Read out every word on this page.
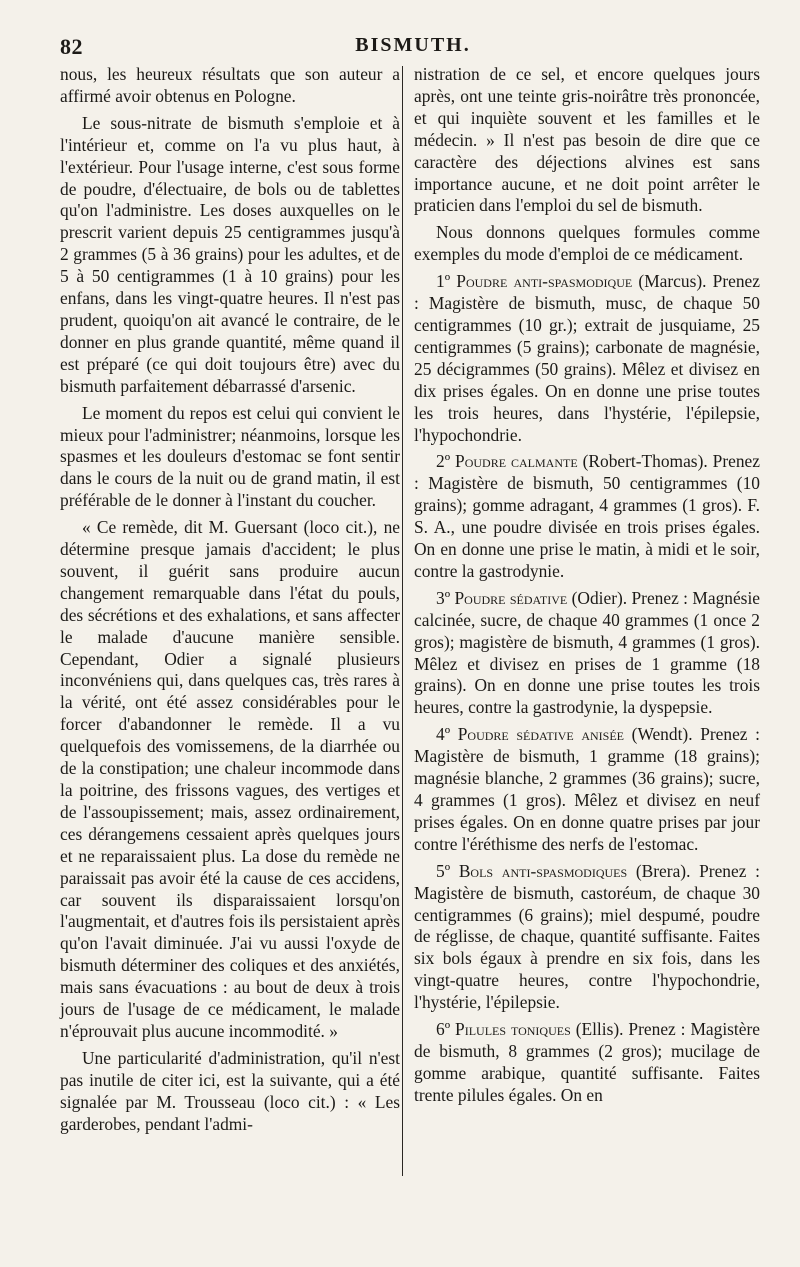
82	BISMUTH.

nous, les heureux résultats que son auteur a affirmé avoir obtenus en Pologne.

Le sous-nitrate de bismuth s'emploie et à l'intérieur et, comme on l'a vu plus haut, à l'extérieur. Pour l'usage interne, c'est sous forme de poudre, d'électuaire, de bols ou de tablettes qu'on l'administre. Les doses auxquelles on le prescrit varient depuis 25 centigrammes jusqu'à 2 grammes (5 à 36 grains) pour les adultes, et de 5 à 50 centigrammes (1 à 10 grains) pour les enfans, dans les vingt-quatre heures. Il n'est pas prudent, quoiqu'on ait avancé le contraire, de le donner en plus grande quantité, même quand il est préparé (ce qui doit toujours être) avec du bismuth parfaitement débarrassé d'arsenic.

Le moment du repos est celui qui convient le mieux pour l'administrer; néanmoins, lorsque les spasmes et les douleurs d'estomac se font sentir dans le cours de la nuit ou de grand matin, il est préférable de le donner à l'instant du coucher.

« Ce remède, dit M. Guersant (loco cit.), ne détermine presque jamais d'accident; le plus souvent, il guérit sans produire aucun changement remarquable dans l'état du pouls, des sécrétions et des exhalations, et sans affecter le malade d'aucune manière sensible. Cependant, Odier a signalé plusieurs inconvéniens qui, dans quelques cas, très rares à la vérité, ont été assez considérables pour le forcer d'abandonner le remède. Il a vu quelquefois des vomissemens, de la diarrhée ou de la constipation; une chaleur incommode dans la poitrine, des frissons vagues, des vertiges et de l'assoupissement; mais, assez ordinairement, ces dérangemens cessaient après quelques jours et ne reparaissaient plus. La dose du remède ne paraissait pas avoir été la cause de ces accidens, car souvent ils disparaissaient lorsqu'on l'augmentait, et d'autres fois ils persistaient après qu'on l'avait diminuée. J'ai vu aussi l'oxyde de bismuth déterminer des coliques et des anxiétés, mais sans évacuations : au bout de deux à trois jours de l'usage de ce médicament, le malade n'éprouvait plus aucune incommodité. »

Une particularité d'administration, qu'il n'est pas inutile de citer ici, est la suivante, qui a été signalée par M. Trousseau (loco cit.) : « Les garderobes, pendant l'admi-

nistration de ce sel, et encore quelques jours après, ont une teinte gris-noirâtre très prononcée, et qui inquiète souvent et les familles et le médecin. » Il n'est pas besoin de dire que ce caractère des déjections alvines est sans importance aucune, et ne doit point arrêter le praticien dans l'emploi du sel de bismuth.

Nous donnons quelques formules comme exemples du mode d'emploi de ce médicament.

1º Poudre anti-spasmodique (Marcus). Prenez : Magistère de bismuth, musc, de chaque 50 centigrammes (10 gr.); extrait de jusquiame, 25 centigrammes (5 grains); carbonate de magnésie, 25 décigrammes (50 grains). Mêlez et divisez en dix prises égales. On en donne une prise toutes les trois heures, dans l'hystérie, l'épilepsie, l'hypochondrie.

2º Poudre calmante (Robert-Thomas). Prenez : Magistère de bismuth, 50 centigrammes (10 grains); gomme adragant, 4 grammes (1 gros). F. S. A., une poudre divisée en trois prises égales. On en donne une prise le matin, à midi et le soir, contre la gastrodynie.

3º Poudre sédative (Odier). Prenez : Magnésie calcinée, sucre, de chaque 40 grammes (1 once 2 gros); magistère de bismuth, 4 grammes (1 gros). Mêlez et divisez en prises de 1 gramme (18 grains). On en donne une prise toutes les trois heures, contre la gastrodynie, la dyspepsie.

4º Poudre sédative anisée (Wendt). Prenez : Magistère de bismuth, 1 gramme (18 grains); magnésie blanche, 2 grammes (36 grains); sucre, 4 grammes (1 gros). Mêlez et divisez en neuf prises égales. On en donne quatre prises par jour contre l'éréthisme des nerfs de l'estomac.

5º Bols anti-spasmodiques (Brera). Prenez : Magistère de bismuth, castoréum, de chaque 30 centigrammes (6 grains); miel despumé, poudre de réglisse, de chaque, quantité suffisante. Faites six bols égaux à prendre en six fois, dans les vingt-quatre heures, contre l'hypochondrie, l'hystérie, l'épilepsie.

6º Pilules toniques (Ellis). Prenez : Magistère de bismuth, 8 grammes (2 gros); mucilage de gomme arabique, quantité suffisante. Faites trente pilules égales. On en
